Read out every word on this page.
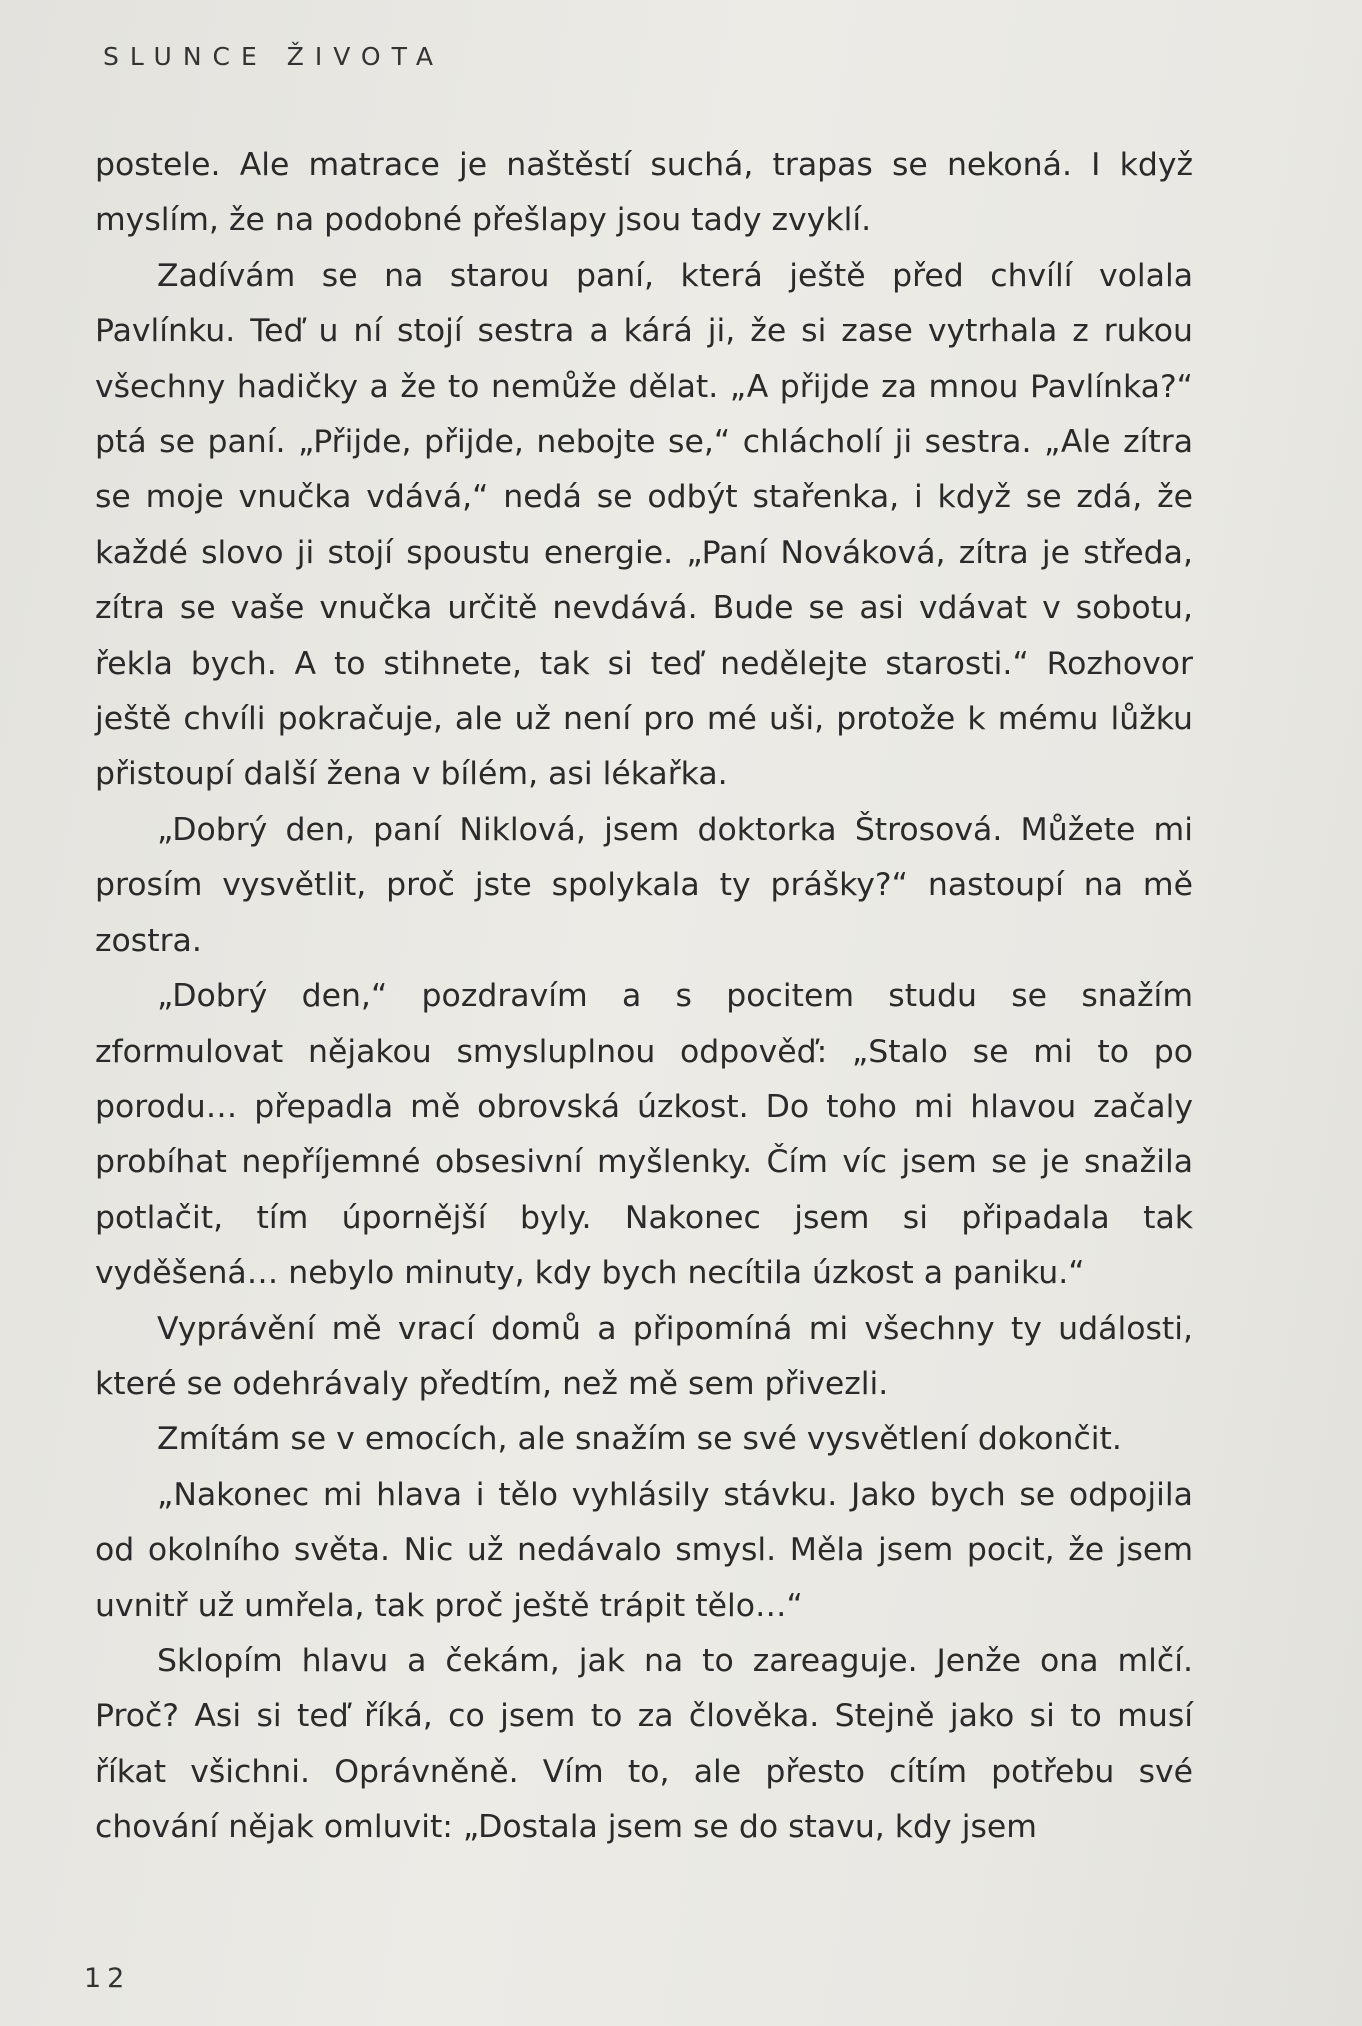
SLUNCE ŽIVOTA

postele. Ale matrace je naštěstí suchá, trapas se nekoná. I když myslím, že na podobné přešlapy jsou tady zvyklí.

Zadívám se na starou paní, která ještě před chvílí volala Pavlínku. Teď u ní stojí sestra a kárá ji, že si zase vytrhala z rukou všechny hadičky a že to nemůže dělat. „A přijde za mnou Pavlínka?“ ptá se paní. „Přijde, přijde, nebojte se,“ chlácholí ji sestra. „Ale zítra se moje vnučka vdává,“ nedá se odbýt stařenka, i když se zdá, že každé slovo ji stojí spoustu energie. „Paní Nováková, zítra je středa, zítra se vaše vnučka určitě nevdává. Bude se asi vdávat v sobotu, řekla bych. A to stihnete, tak si teď nedělejte starosti.“ Rozhovor ještě chvíli pokračuje, ale už není pro mé uši, protože k mému lůžku přistoupí další žena v bílém, asi lékařka.

„Dobrý den, paní Niklová, jsem doktorka Štrosová. Můžete mi prosím vysvětlit, proč jste spolykala ty prášky?“ nastoupí na mě zostra.

„Dobrý den,“ pozdravím a s pocitem studu se snažím zformulovat nějakou smysluplnou odpověď: „Stalo se mi to po porodu… přepadla mě obrovská úzkost. Do toho mi hlavou začaly probíhat nepříjemné obsesivní myšlenky. Čím víc jsem se je snažila potlačit, tím úpornější byly. Nakonec jsem si připadala tak vyděšená… nebylo minuty, kdy bych necítila úzkost a paniku.“

Vyprávění mě vrací domů a připomíná mi všechny ty události, které se odehrávaly předtím, než mě sem přivezli.

Zmítám se v emocích, ale snažím se své vysvětlení dokončit.

„Nakonec mi hlava i tělo vyhlásily stávku. Jako bych se odpojila od okolního světa. Nic už nedávalo smysl. Měla jsem pocit, že jsem uvnitř už umřela, tak proč ještě trápit tělo…“

Sklopím hlavu a čekám, jak na to zareaguje. Jenže ona mlčí. Proč? Asi si teď říká, co jsem to za člověka. Stejně jako si to musí říkat všichni. Oprávněně. Vím to, ale přesto cítím potřebu své chování nějak omluvit: „Dostala jsem se do stavu, kdy jsem

12
